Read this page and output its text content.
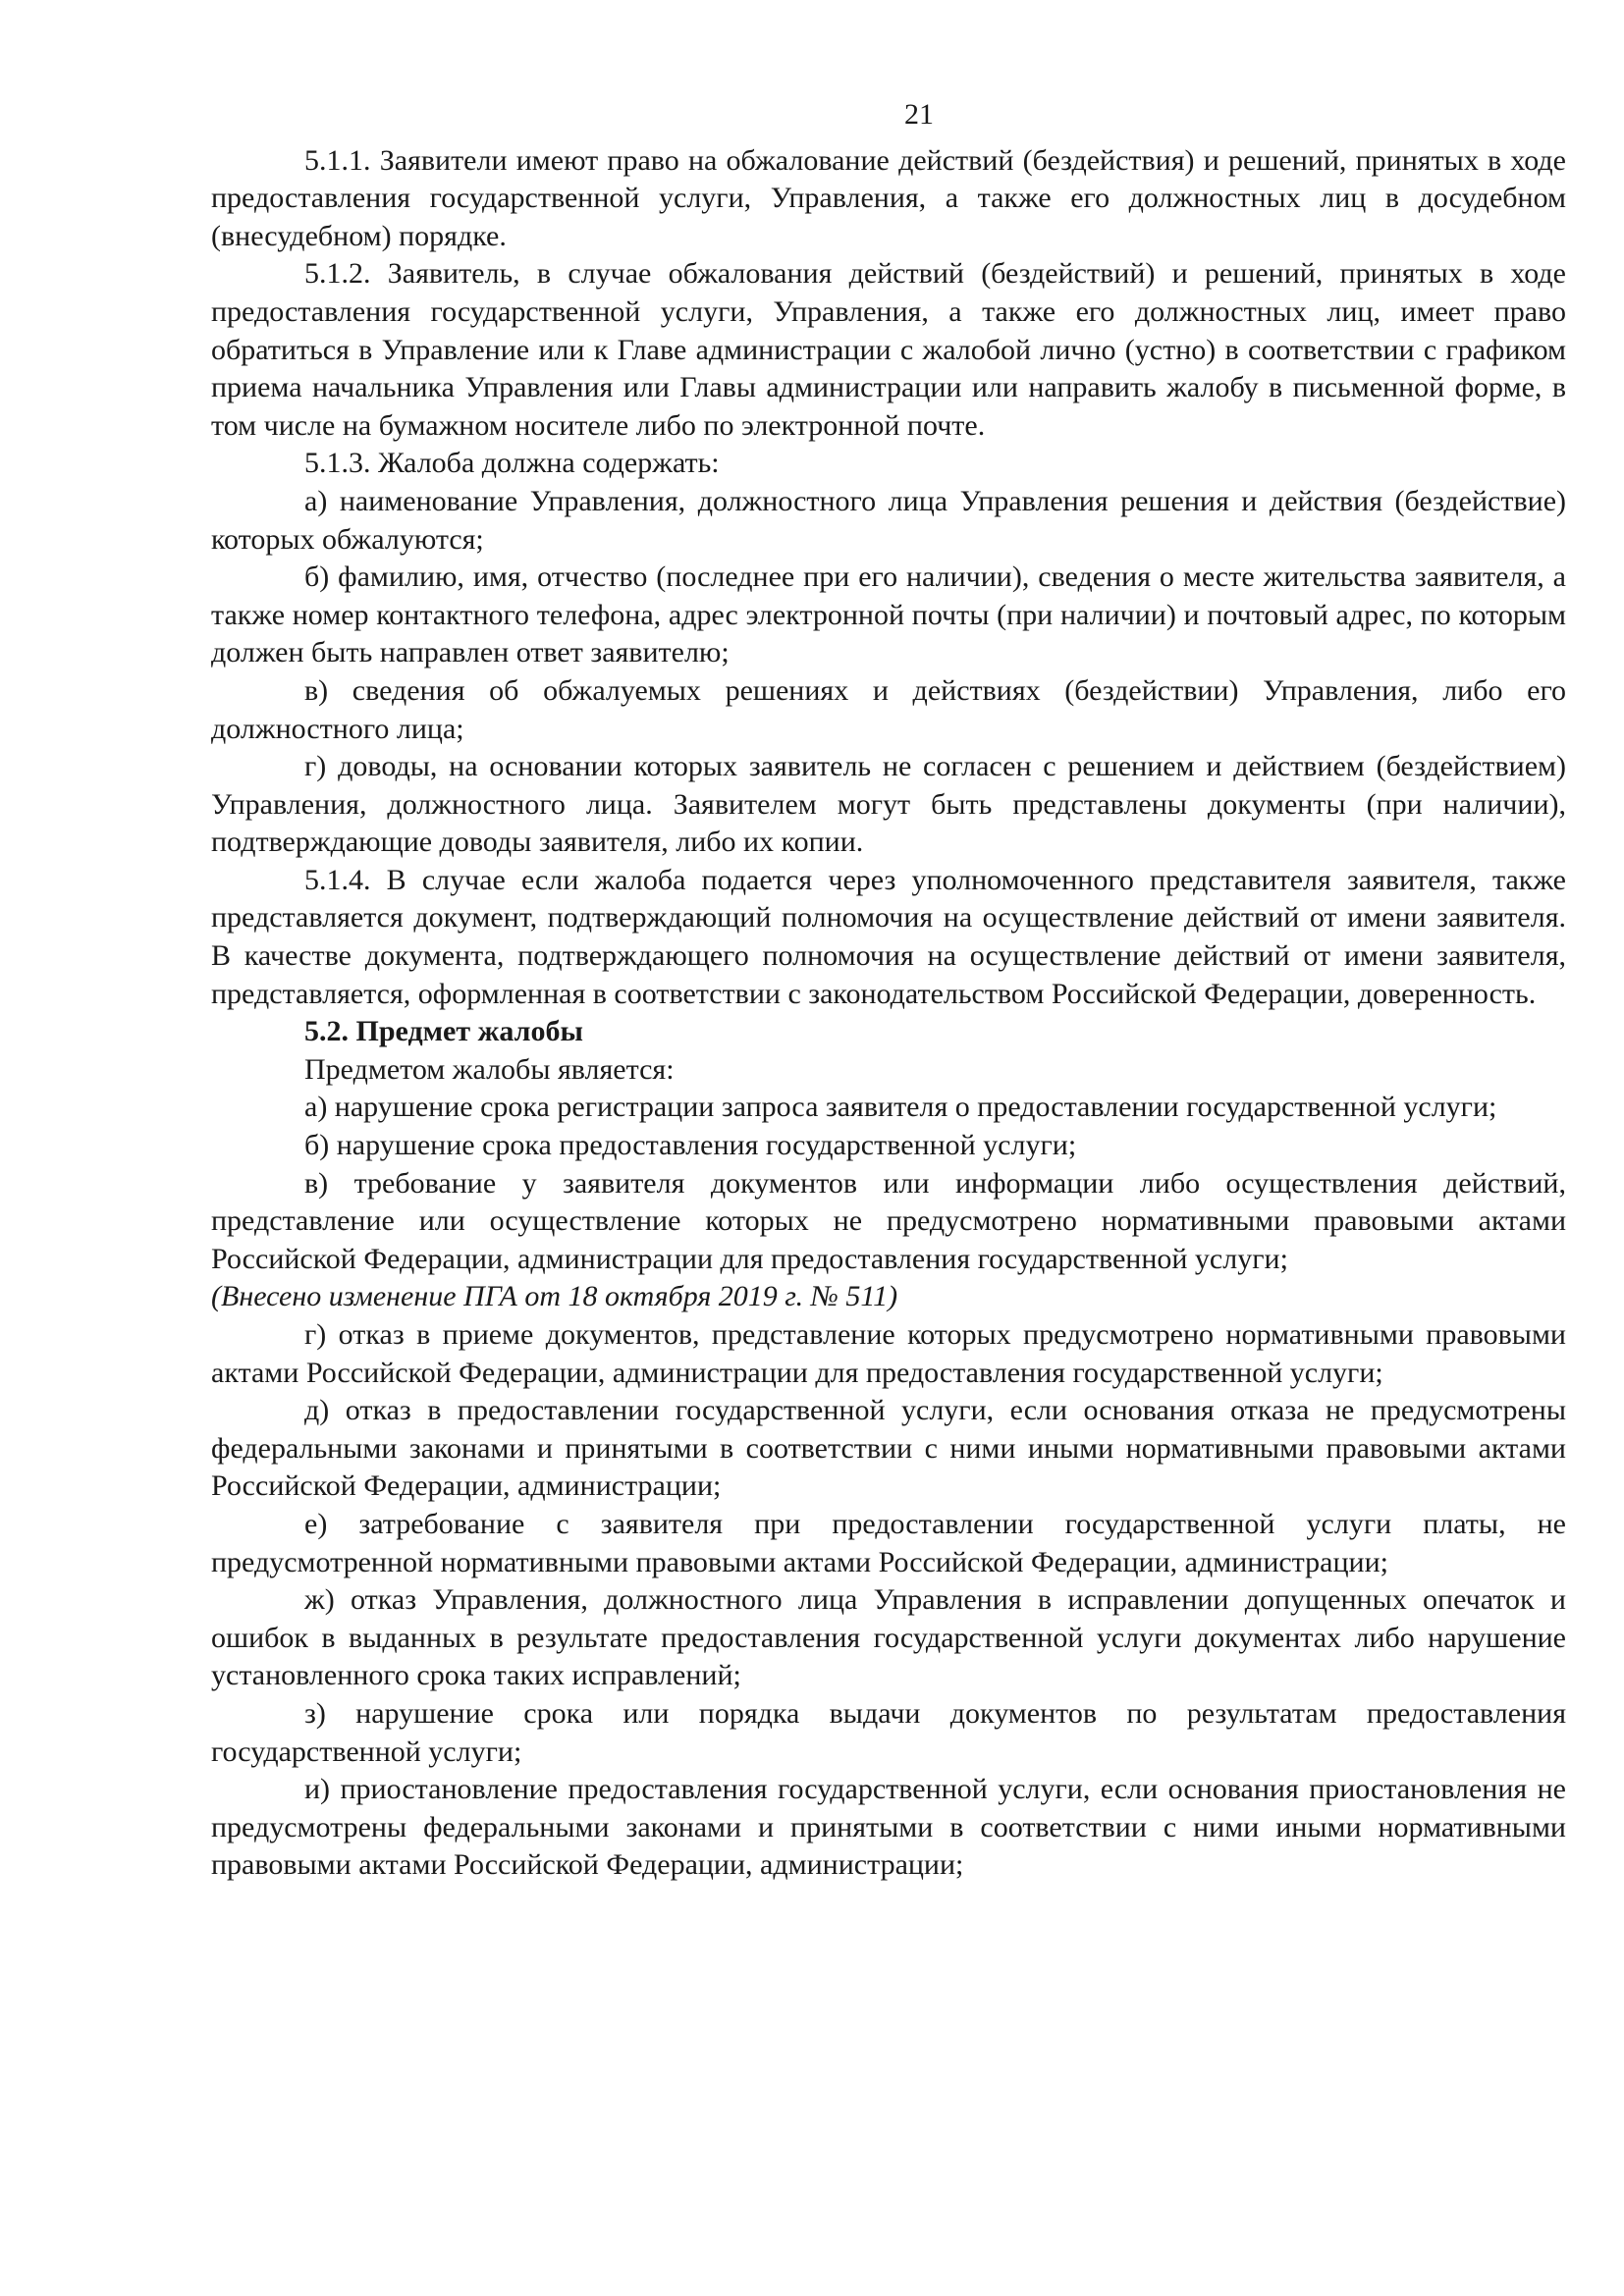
21

5.1.1. Заявители имеют право на обжалование действий (бездействия) и решений, принятых в ходе предоставления государственной услуги, Управления, а также его должностных лиц в досудебном (внесудебном) порядке.

5.1.2. Заявитель, в случае обжалования действий (бездействий) и решений, принятых в ходе предоставления государственной услуги, Управления, а также его должностных лиц, имеет право обратиться в Управление или к Главе администрации с жалобой лично (устно) в соответствии с графиком приема начальника Управления или Главы администрации или направить жалобу в письменной форме, в том числе на бумажном носителе либо по электронной почте.

5.1.3. Жалоба должна содержать:

а) наименование Управления, должностного лица Управления решения и действия (бездействие) которых обжалуются;

б) фамилию, имя, отчество (последнее при его наличии), сведения о месте жительства заявителя, а также номер контактного телефона, адрес электронной почты (при наличии) и почтовый адрес, по которым должен быть направлен ответ заявителю;

в) сведения об обжалуемых решениях и действиях (бездействии) Управления, либо его должностного лица;

г) доводы, на основании которых заявитель не согласен с решением и действием (бездействием) Управления, должностного лица. Заявителем могут быть представлены документы (при наличии), подтверждающие доводы заявителя, либо их копии.

5.1.4. В случае если жалоба подается через уполномоченного представителя заявителя, также представляется документ, подтверждающий полномочия на осуществление действий от имени заявителя. В качестве документа, подтверждающего полномочия на осуществление действий от имени заявителя, представляется, оформленная в соответствии с законодательством Российской Федерации, доверенность.

5.2. Предмет жалобы

Предметом жалобы является:

а) нарушение срока регистрации запроса заявителя о предоставлении государственной услуги;

б) нарушение срока предоставления государственной услуги;

в) требование у заявителя документов или информации либо осуществления действий, представление или осуществление которых не предусмотрено нормативными правовыми актами Российской Федерации, администрации для предоставления государственной услуги;

(Внесено изменение ПГА от 18 октября 2019 г. № 511)

г) отказ в приеме документов, представление которых предусмотрено нормативными правовыми актами Российской Федерации, администрации для предоставления государственной услуги;

д) отказ в предоставлении государственной услуги, если основания отказа не предусмотрены федеральными законами и принятыми в соответствии с ними иными нормативными правовыми актами Российской Федерации, администрации;

е) затребование с заявителя при предоставлении государственной услуги платы, не предусмотренной нормативными правовыми актами Российской Федерации, администрации;

ж) отказ Управления, должностного лица Управления в исправлении допущенных опечаток и ошибок в выданных в результате предоставления государственной услуги документах либо нарушение установленного срока таких исправлений;

з) нарушение срока или порядка выдачи документов по результатам предоставления государственной услуги;

и) приостановление предоставления государственной услуги, если основания приостановления не предусмотрены федеральными законами и принятыми в соответствии с ними иными нормативными правовыми актами Российской Федерации, администрации;
